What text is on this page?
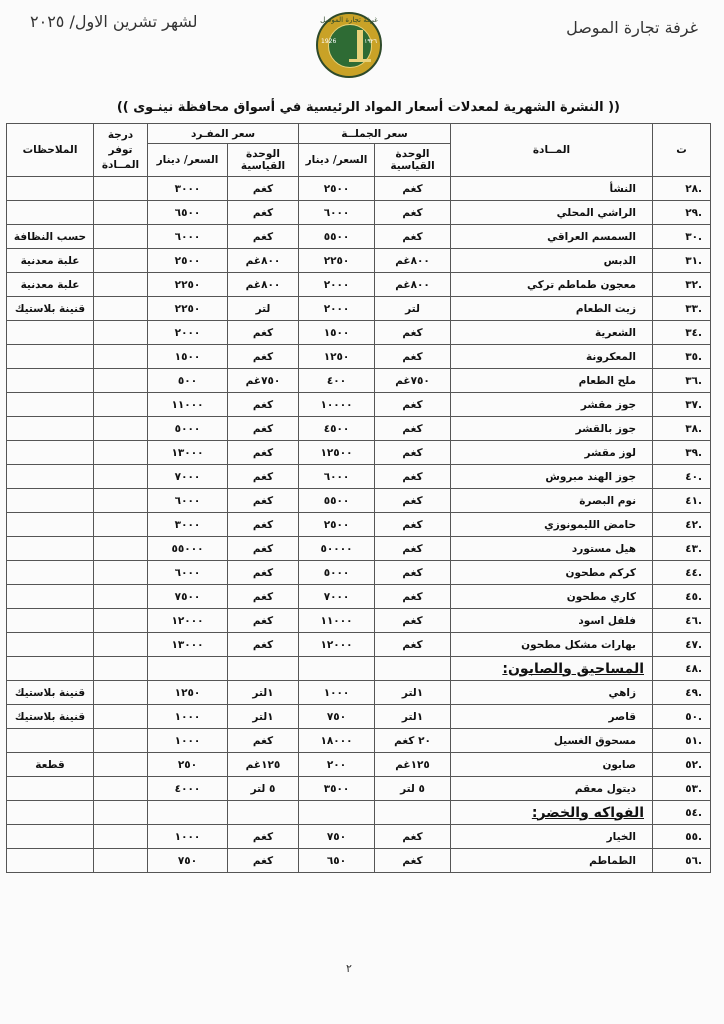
غرفة تجارة الموصل
لشهر تشرين الاول/ ٢٠٢٥	غرفة تجارة الموصل
1926	١٩٢٦
(( النشرة الشهرية لمعدلات أسعار المواد الرئيسية في أسواق محافظة نينـوى ))
ت	المــادة	سعر الجملــة		سعر المفـرد		درجة توفر المــادة	الملاحظات
		الوحدة القياسية	السعر/ دينار	الوحدة القياسية	السعر/ دينار		
.٢٨	النشأ	كغم	٢٥٠٠	كغم	٣٠٠٠		
.٢٩	الراشي المحلي	كغم	٦٠٠٠	كغم	٦٥٠٠		
.٣٠	السمسم العراقي	كغم	٥٥٠٠	كغم	٦٠٠٠		حسب النظافة
.٣١	الدبس	٨٠٠غم	٢٢٥٠	٨٠٠غم	٢٥٠٠		علبة معدنية
.٣٢	معجون طماطم تركي	٨٠٠غم	٢٠٠٠	٨٠٠غم	٢٢٥٠		علبة معدنية
.٣٣	زيت الطعام	لتر	٢٠٠٠	لتر	٢٢٥٠		قنينة بلاستيك
.٣٤	الشعرية	كغم	١٥٠٠	كغم	٢٠٠٠		
.٣٥	المعكرونة	كغم	١٢٥٠	كغم	١٥٠٠		
.٣٦	ملح الطعام	٧٥٠غم	٤٠٠	٧٥٠غم	٥٠٠		
.٣٧	جوز مقشر	كغم	١٠٠٠٠	كغم	١١٠٠٠		
.٣٨	جوز بالقشر	كغم	٤٥٠٠	كغم	٥٠٠٠		
.٣٩	لوز مقشر	كغم	١٢٥٠٠	كغم	١٣٠٠٠		
.٤٠	جوز الهند مبروش	كغم	٦٠٠٠	كغم	٧٠٠٠		
.٤١	نوم البصرة	كغم	٥٥٠٠	كغم	٦٠٠٠		
.٤٢	حامض الليمونوزي	كغم	٢٥٠٠	كغم	٣٠٠٠		
.٤٣	هيل مستورد	كغم	٥٠٠٠٠	كغم	٥٥٠٠٠		
.٤٤	كركم مطحون	كغم	٥٠٠٠	كغم	٦٠٠٠		
.٤٥	كاري مطحون	كغم	٧٠٠٠	كغم	٧٥٠٠		
.٤٦	فلفل اسود	كغم	١١٠٠٠	كغم	١٢٠٠٠		
.٤٧	بهارات مشكل مطحون	كغم	١٢٠٠٠	كغم	١٣٠٠٠		
.٤٨	المساحيق والصابون:						
.٤٩	زاهي	١لتر	١٠٠٠	١لتر	١٢٥٠		قنينة بلاستيك
.٥٠	قاصر	١لتر	٧٥٠	١لتر	١٠٠٠		قنينة بلاستيك
.٥١	مسحوق الغسيل	٢٠ كغم	١٨٠٠٠	كغم	١٠٠٠		
.٥٢	صابون	١٢٥غم	٢٠٠	١٢٥غم	٢٥٠		قطعة
.٥٣	ديتول معقم	٥ لتر	٣٥٠٠	٥ لتر	٤٠٠٠		
.٥٤	الفواكه والخضر:						
.٥٥	الخيار	كغم	٧٥٠	كغم	١٠٠٠		
.٥٦	الطماطم	كغم	٦٥٠	كغم	٧٥٠		
٢
